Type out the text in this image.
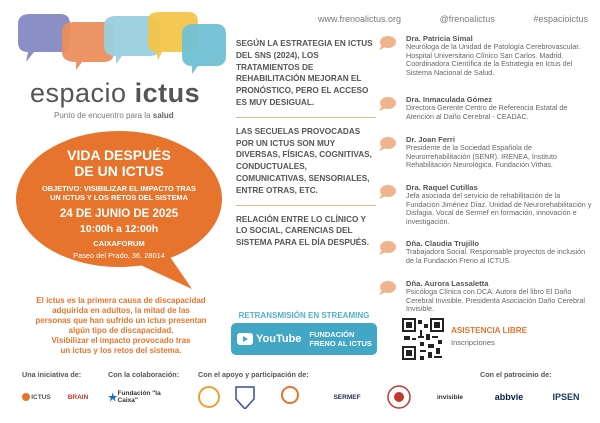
www.frenoalictus.org	@frenoalictus	#espacioictus
espacio ictus
Punto de encuentro para la salud
VIDA DESPUÉS
DE UN ICTUS
OBJETIVO: VISIBILIZAR EL IMPACTO TRAS
UN ICTUS Y LOS RETOS DEL SISTEMA
24 DE JUNIO DE 2025
10:00h a 12:00h
CAIXAFORUM
Paseo del Prado, 36. 28014
El ictus es la primera causa de discapacidad
adquirida en adultos, la mitad de las
personas que han sufrido un ictus presentan
algún tipo de discapacidad.
Visibilizar el impacto provocado tras
un ictus y los retos del sistema.
SEGÚN LA ESTRATEGIA EN ICTUS DEL SNS (2024), LOS TRATAMIENTOS DE REHABILITACIÓN MEJORAN EL PRONÓSTICO, PERO EL ACCESO ES MUY DESIGUAL.
LAS SECUELAS PROVOCADAS POR UN ICTUS SON MUY DIVERSAS, FÍSICAS, COGNITIVAS, CONDUCTUALES, COMUNICATIVAS, SENSORIALES, ENTRE OTRAS, ETC.
RELACIÓN ENTRE LO CLÍNICO Y LO SOCIAL, CARENCIAS DEL SISTEMA PARA EL DÍA DESPUÉS.
RETRANSMISIÓN EN STREAMING
YouTube FUNDACIÓN
FRENO AL ICTUS
Dra. Patricia Simal
Neuróloga de la Unidad de Patología Cerebrovascular. Hospital Universitario Clínico San Carlos. Madrid. Coordinadora Científica de la Estrategia en Ictus del Sistema Nacional de Salud.
Dra. Inmaculada Gómez
Directora Gerente Centro de Referencia Estatal de Atención al Daño Cerebral - CEADAC.
Dr. Joan Ferri
Presidente de la Sociedad Española de Neurorrehabilitación (SENR). IRENEA, Instituto Rehabilitación Neurológica. Fundación Vithas.
Dra. Raquel Cutillas
Jefa asociada del servicio de rehabilitación de la Fundación Jiménez Díaz. Unidad de Neurorehabilitación y Disfagia. Vocal de Sermef en formación, innovación e investigación.
Dña. Claudia Trujillo
Trabajadora Social. Responsable proyectos de inclusión de la Fundación Freno al ICTUS.
Dña. Aurora Lassaletta
Psicóloga Clínica con DCA. Autora del libro El Daño Cerebral Invisible. Presidenta Asociación Daño Cerebral Invisible.
ASISTENCIA LIBRE
Inscripciones
Una iniciativa de:	Con la colaboración:	Con el apoyo y participación de:	Con el patrocinio de:
ICTUS	BRAIN	Fundación "la Caixa"	SERMEF	invisible	abbvie	IPSEN
